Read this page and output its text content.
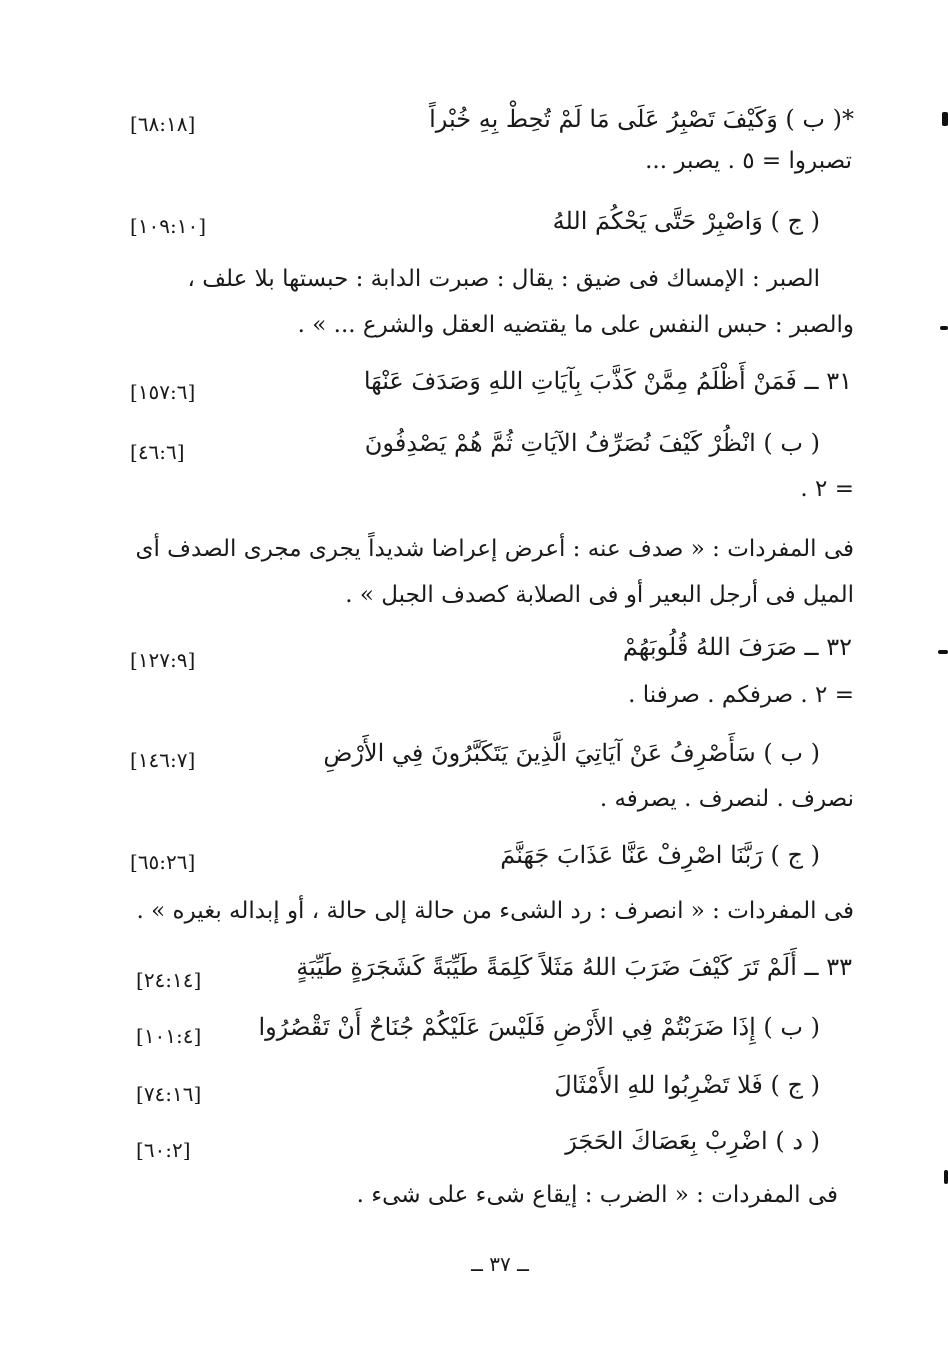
*( ب ) وَكَيْفَ تَصْبِرُ عَلَى مَا لَمْ تُحِطْ بِهِ خُبْراً
[٦٨:١٨]
تصبروا = ٥ . يصبر ...
( ج ) وَاصْبِرْ حَتَّى يَحْكُمَ اللهُ
[١٠٩:١٠]
الصبر : الإمساك فى ضيق : يقال : صبرت الدابة : حبستها بلا علف ،
والصبر : حبس النفس على ما يقتضيه العقل والشرع ... » .
٣١ ــ فَمَنْ أَظْلَمُ مِمَّنْ كَذَّبَ بِآيَاتِ اللهِ وَصَدَفَ عَنْهَا
[١٥٧:٦]
( ب ) انْظُرْ كَيْفَ نُصَرِّفُ الآيَاتِ ثُمَّ هُمْ يَصْدِفُونَ
[٤٦:٦]
= ٢ .
فى المفردات : « صدف عنه : أعرض إعراضا شديداً يجرى مجرى الصدف أى
الميل فى أرجل البعير أو فى الصلابة كصدف الجبل » .
٣٢ ــ صَرَفَ اللهُ قُلُوبَهُمْ
[١٢٧:٩]
= ٢ . صرفكم . صرفنا .
( ب ) سَأَصْرِفُ عَنْ آيَاتِيَ الَّذِينَ يَتَكَبَّرُونَ فِي الأَرْضِ
[١٤٦:٧]
نصرف . لنصرف . يصرفه .
( ج ) رَبَّنَا اصْرِفْ عَنَّا عَذَابَ جَهَنَّمَ
[٦٥:٢٦]
فى المفردات : « انصرف : رد الشىء من حالة إلى حالة ، أو إبداله بغيره » .
٣٣ ــ أَلَمْ تَرَ كَيْفَ ضَرَبَ اللهُ مَثَلاً كَلِمَةً طَيِّبَةً كَشَجَرَةٍ طَيِّبَةٍ
[٢٤:١٤]
( ب ) إِذَا ضَرَبْتُمْ فِي الأَرْضِ فَلَيْسَ عَلَيْكُمْ جُنَاحٌ أَنْ تَقْصُرُوا
[١٠١:٤]
( ج ) فَلا تَضْرِبُوا للهِ الأَمْثَالَ
[٧٤:١٦]
( د ) اضْرِبْ بِعَصَاكَ الحَجَرَ
[٦٠:٢]
فى المفردات : « الضرب : إيقاع شىء على شىء .
ــ ٣٧ ــ
